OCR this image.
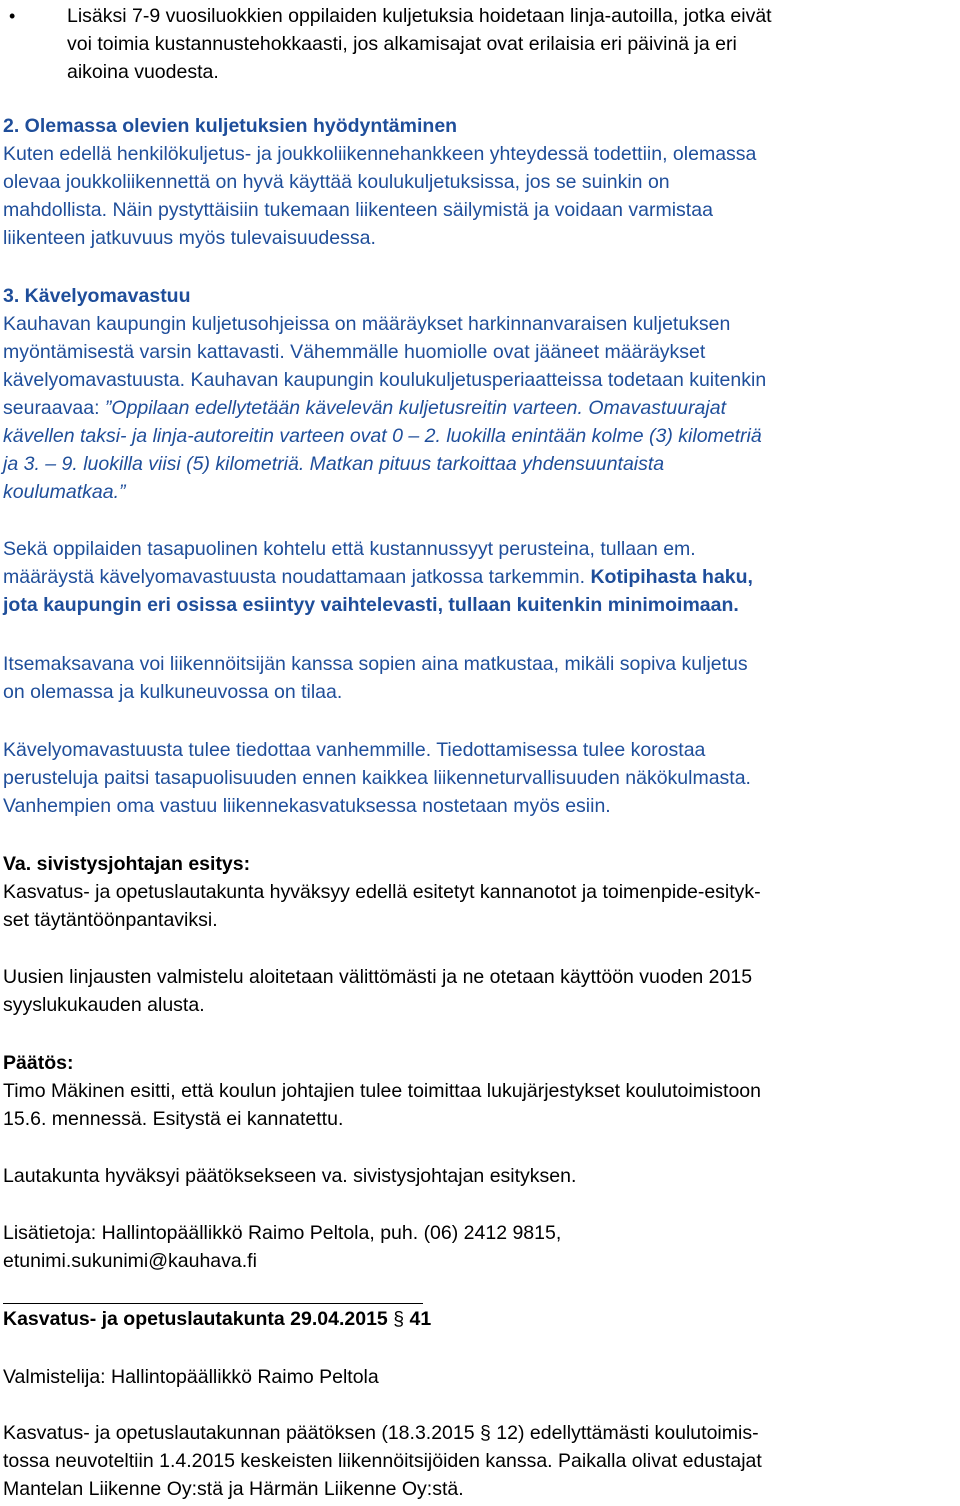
•	Lisäksi 7-9 vuosiluokkien oppilaiden kuljetuksia hoidetaan linja-autoilla, jotka eivät
voi toimia kustannustehokkaasti, jos alkamisajat ovat erilaisia eri päivinä ja eri
aikoina vuodesta.
2. Olemassa olevien kuljetuksien hyödyntäminen
Kuten edellä henkilökuljetus- ja joukkoliikennehankkeen yhteydessä todettiin, olemassa
olevaa joukkoliikennettä on hyvä käyttää koulukuljetuksissa, jos se suinkin on
mahdollista. Näin pystyttäisiin tukemaan liikenteen säilymistä ja voidaan varmistaa
liikenteen jatkuvuus myös tulevaisuudessa.
3. Kävelyomavastuu
Kauhavan kaupungin kuljetusohjeissa on määräykset harkinnanvaraisen kuljetuksen
myöntämisestä varsin kattavasti. Vähemmälle huomiolle ovat jääneet määräykset
kävelyomavastuusta. Kauhavan kaupungin koulukuljetusperiaatteissa todetaan kuitenkin
seuraavaa: ”Oppilaan edellytetään kävelevän kuljetusreitin varteen. Omavastuurajat
kävellen taksi- ja linja-autoreitin varteen ovat 0 – 2. luokilla enintään kolme (3) kilometriä
ja 3. – 9. luokilla viisi (5) kilometriä. Matkan pituus tarkoittaa yhdensuuntaista
koulumatkaa.”
Sekä oppilaiden tasapuolinen kohtelu että kustannussyyt perusteina, tullaan em.
määräystä kävelyomavastuusta noudattamaan jatkossa tarkemmin. Kotipihasta haku,
jota kaupungin eri osissa esiintyy vaihtelevasti, tullaan kuitenkin minimoimaan.
Itsemaksavana voi liikennöitsijän kanssa sopien aina matkustaa, mikäli sopiva kuljetus
on olemassa ja kulkuneuvossa on tilaa.
Kävelyomavastuusta tulee tiedottaa vanhemmille. Tiedottamisessa tulee korostaa
perusteluja paitsi tasapuolisuuden ennen kaikkea liikenneturvallisuuden näkökulmasta.
Vanhempien oma vastuu liikennekasvatuksessa nostetaan myös esiin.
Va. sivistysjohtajan esitys:
Kasvatus- ja opetuslautakunta hyväksyy edellä esitetyt kannanotot ja toimenpide-esityk-
set täytäntöönpantaviksi.
Uusien linjausten valmistelu aloitetaan välittömästi ja ne otetaan käyttöön vuoden 2015
syyslukukauden alusta.
Päätös:
Timo Mäkinen esitti, että koulun johtajien tulee toimittaa lukujärjestykset koulutoimistoon
15.6. mennessä. Esitystä ei kannatettu.
Lautakunta hyväksyi päätöksekseen va. sivistysjohtajan esityksen.
Lisätietoja: Hallintopäällikkö Raimo Peltola, puh. (06) 2412 9815,
etunimi.sukunimi@kauhava.fi
Kasvatus- ja opetuslautakunta 29.04.2015 § 41
Valmistelija: Hallintopäällikkö Raimo Peltola
Kasvatus- ja opetuslautakunnan päätöksen (18.3.2015 § 12) edellyttämästi koulutoimis-
tossa neuvoteltiin 1.4.2015 keskeisten liikennöitsijöiden kanssa. Paikalla olivat edustajat
Mantelan Liikenne Oy:stä ja Härmän Liikenne Oy:stä.
